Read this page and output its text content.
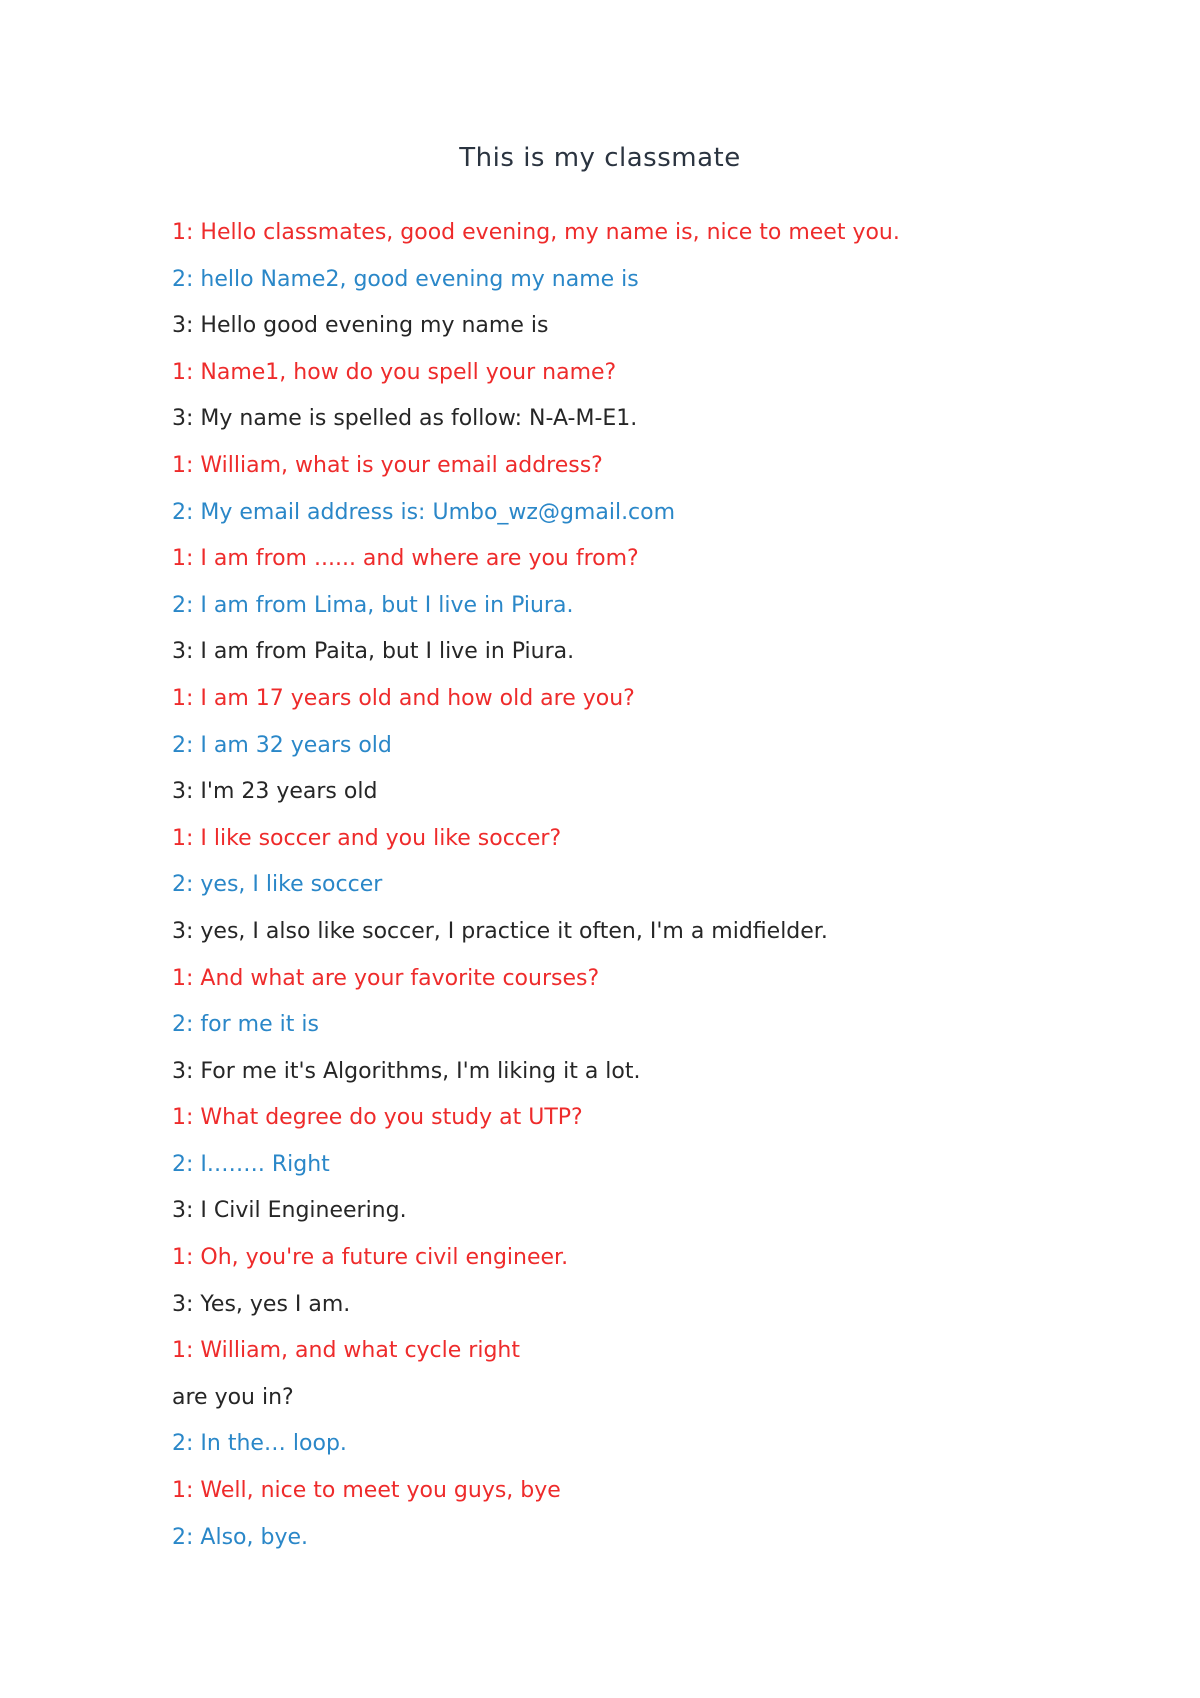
This is my classmate
1: Hello classmates, good evening, my name is, nice to meet you.
2: hello Name2, good evening my name is
3: Hello good evening my name is
1: Name1, how do you spell your name?
3: My name is spelled as follow: N-A-M-E1.
1: William, what is your email address?
2: My email address is: Umbo_wz@gmail.com
1: I am from ...... and where are you from?
2: I am from Lima, but I live in Piura.
3: I am from Paita, but I live in Piura.
1: I am 17 years old and how old are you?
2: I am 32 years old
3: I'm 23 years old
1: I like soccer and you like soccer?
2: yes, I like soccer
3: yes, I also like soccer, I practice it often, I'm a midfielder.
1: And what are your favorite courses?
2: for me it is
3: For me it's Algorithms, I'm liking it a lot.
1: What degree do you study at UTP?
2: I.……. Right
3: I Civil Engineering.
1: Oh, you're a future civil engineer.
3: Yes, yes I am.
1: William, and what cycle right
are you in?
2: In the… loop.
1: Well, nice to meet you guys, bye
2: Also, bye.
